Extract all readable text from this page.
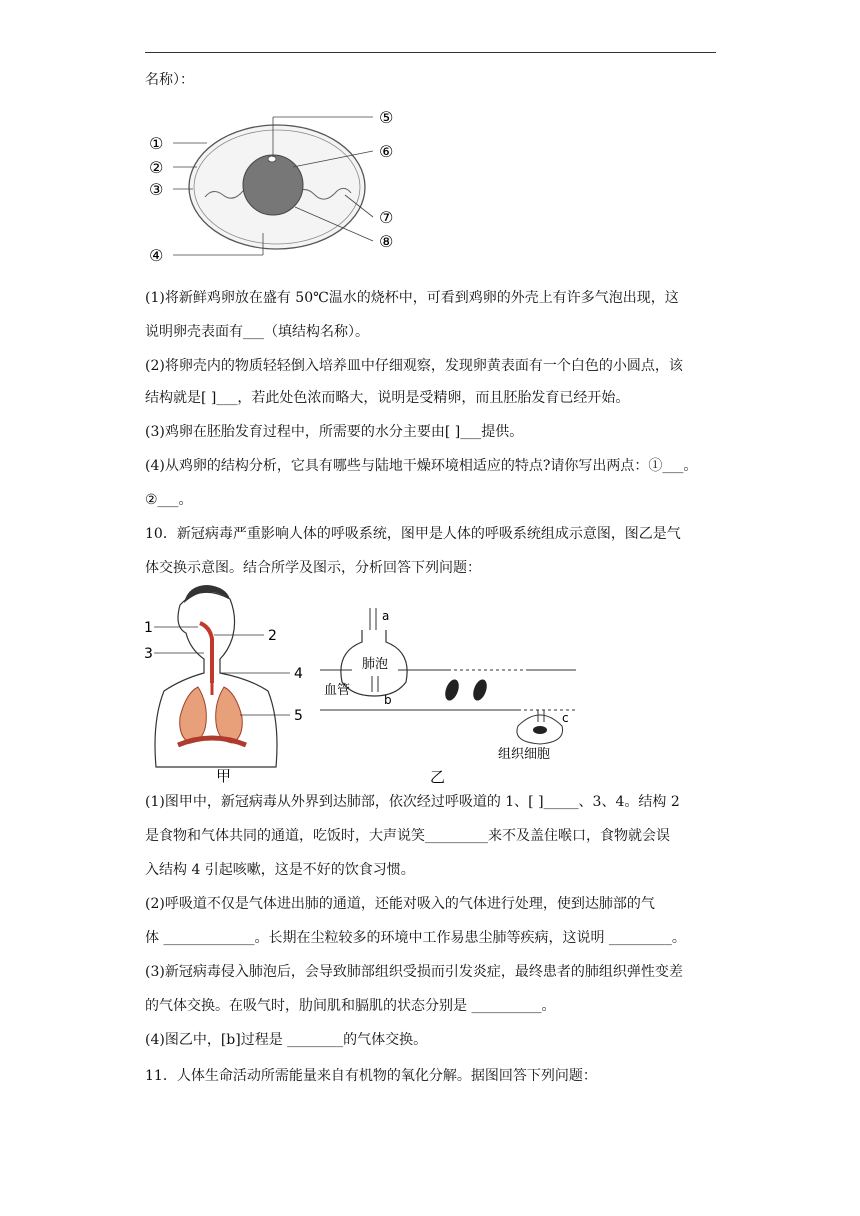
名称）：
①
②
③
④
⑤
⑥
⑦
⑧
(1)将新鲜鸡卵放在盛有 50℃温水的烧杯中，可看到鸡卵的外壳上有许多气泡出现，这
说明卵壳表面有___（填结构名称）。
(2)将卵壳内的物质轻轻倒入培养皿中仔细观察，发现卵黄表面有一个白色的小圆点，该
结构就是[ ]___，若此处色浓而略大，说明是受精卵，而且胚胎发育已经开始。
(3)鸡卵在胚胎发育过程中，所需要的水分主要由[ ]___提供。
(4)从鸡卵的结构分析，它具有哪些与陆地干燥环境相适应的特点?请你写出两点：①___。
②___。
10．新冠病毒严重影响人体的呼吸系统，图甲是人体的呼吸系统组成示意图，图乙是气
体交换示意图。结合所学及图示，分析回答下列问题：
1	2
3
4
5
甲
a
肺泡
血管
b
c
组织细胞
乙
(1)图甲中，新冠病毒从外界到达肺部，依次经过呼吸道的 1、[ ]_____、3、4。结构 2
是食物和气体共同的通道，吃饭时，大声说笑_________来不及盖住喉口，食物就会误
入结构 4 引起咳嗽，这是不好的饮食习惯。
(2)呼吸道不仅是气体进出肺的通道，还能对吸入的气体进行处理，使到达肺部的气
体 _____________。长期在尘粒较多的环境中工作易患尘肺等疾病，这说明 _________。
(3)新冠病毒侵入肺泡后，会导致肺部组织受损而引发炎症，最终患者的肺组织弹性变差
的气体交换。在吸气时，肋间肌和膈肌的状态分别是 __________。
(4)图乙中，[b]过程是 ________的气体交换。
11．人体生命活动所需能量来自有机物的氧化分解。据图回答下列问题：
